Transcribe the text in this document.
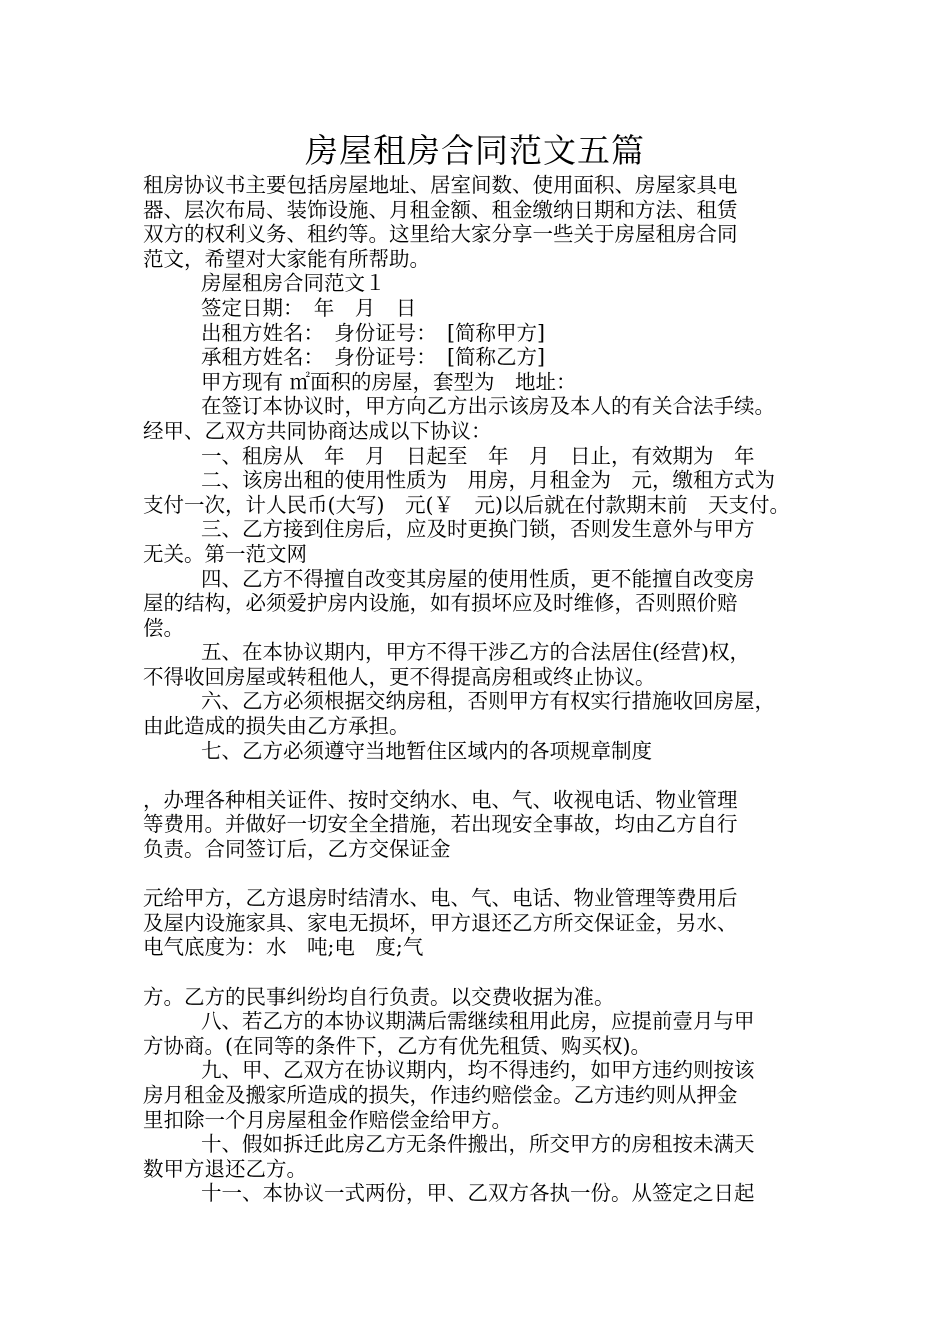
房屋租房合同范文五篇
租房协议书主要包括房屋地址、居室间数、使用面积、房屋家具电
器、层次布局、装饰设施、月租金额、租金缴纳日期和方法、租赁
双方的权利义务、租约等。这里给大家分享一些关于房屋租房合同
范文，希望对大家能有所帮助。
房屋租房合同范文１
签定日期：　年　月　日
出租方姓名：　身份证号：　[简称甲方]
承租方姓名：　身份证号：　[简称乙方]
甲方现有 ㎡面积的房屋，套型为　地址：
在签订本协议时，甲方向乙方出示该房及本人的有关合法手续。
经甲、乙双方共同协商达成以下协议：
一、租房从　年　月　日起至　年　月　日止，有效期为　年
二、该房出租的使用性质为　用房，月租金为　元，缴租方式为
支付一次，计人民币(大写)　元(￥　元)以后就在付款期末前　天支付。
三、乙方接到住房后，应及时更换门锁，否则发生意外与甲方
无关。第一范文网
四、乙方不得擅自改变其房屋的使用性质，更不能擅自改变房
屋的结构，必须爱护房内设施，如有损坏应及时维修，否则照价赔
偿。
五、在本协议期内，甲方不得干涉乙方的合法居住(经营)权，
不得收回房屋或转租他人，更不得提高房租或终止协议。
六、乙方必须根据交纳房租，否则甲方有权实行措施收回房屋，
由此造成的损失由乙方承担。
七、乙方必须遵守当地暂住区域内的各项规章制度
，办理各种相关证件、按时交纳水、电、气、收视电话、物业管理
等费用。并做好一切安全全措施，若出现安全事故，均由乙方自行
负责。合同签订后，乙方交保证金
元给甲方，乙方退房时结清水、电、气、电话、物业管理等费用后
及屋内设施家具、家电无损坏，甲方退还乙方所交保证金，另水、
电气底度为：水　吨;电　度;气
方。乙方的民事纠纷均自行负责。以交费收据为准。
八、若乙方的本协议期满后需继续租用此房，应提前壹月与甲
方协商。(在同等的条件下，乙方有优先租赁、购买权)。
九、甲、乙双方在协议期内，均不得违约，如甲方违约则按该
房月租金及搬家所造成的损失，作违约赔偿金。乙方违约则从押金
里扣除一个月房屋租金作赔偿金给甲方。
十、假如拆迁此房乙方无条件搬出，所交甲方的房租按未满天
数甲方退还乙方。
十一、本协议一式两份，甲、乙双方各执一份。从签定之日起
